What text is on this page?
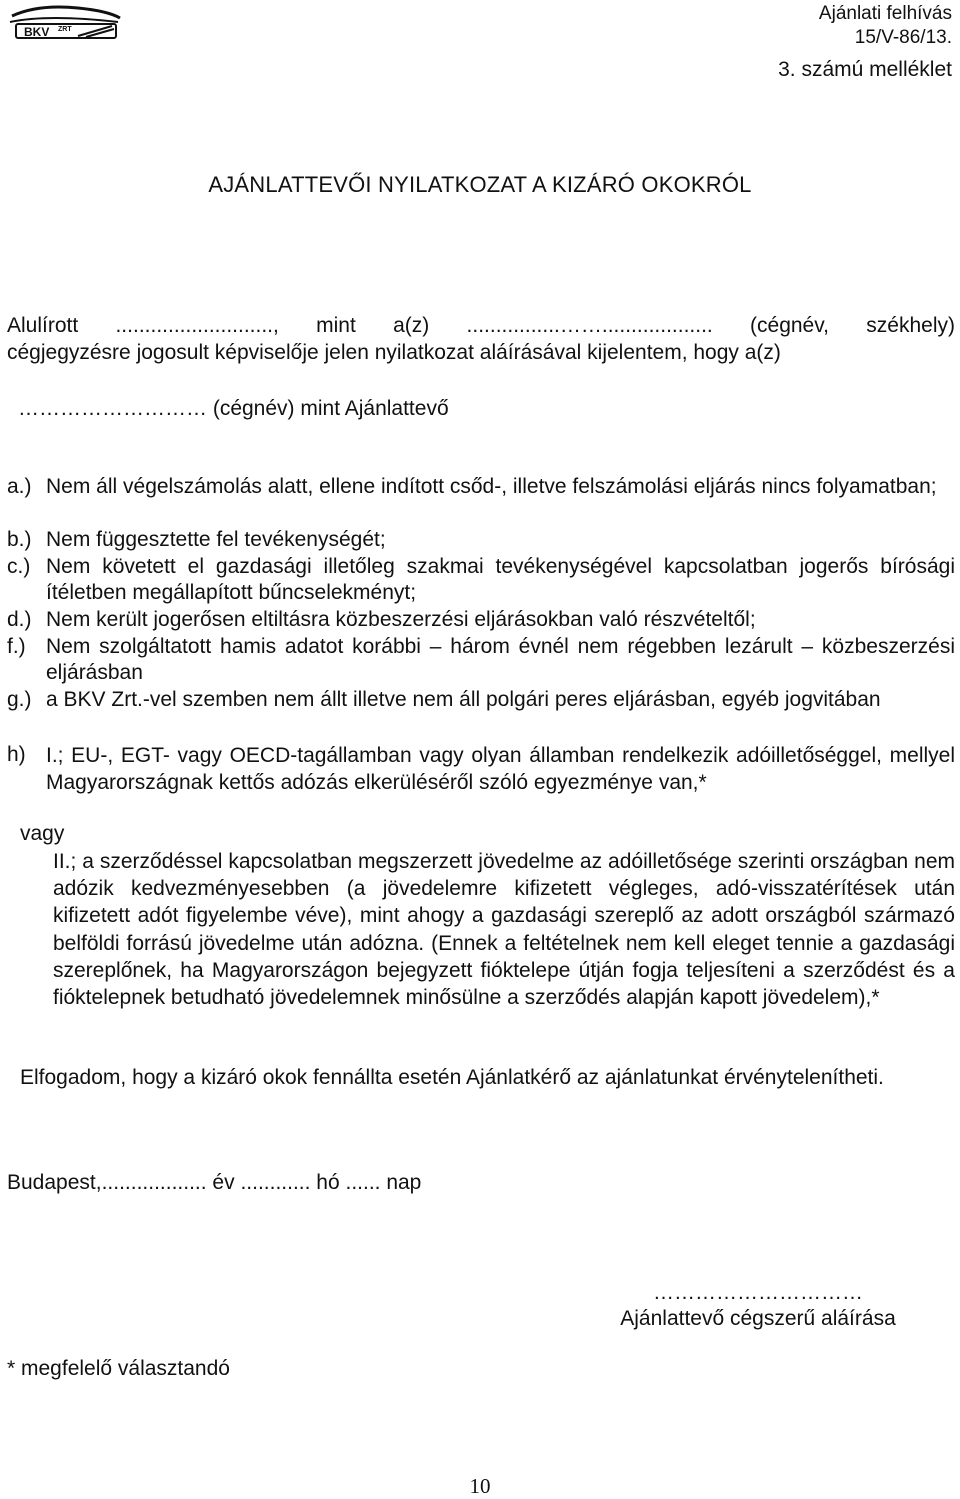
BKV ZRT
Ajánlati felhívás
15/V-86/13.
3. számú melléklet
AJÁNLATTEVŐI NYILATKOZAT A KIZÁRÓ OKOKRÓL
Alulírott ..........................., mint a(z) ................……................... (cégnév, székhely)
cégjegyzésre jogosult képviselője jelen nyilatkozat aláírásával kijelentem, hogy a(z)
……………………… (cégnév) mint Ajánlattevő
a.) Nem áll végelszámolás alatt, ellene indított csőd-, illetve felszámolási eljárás nincs folyamatban;
b.) Nem függesztette fel tevékenységét;
c.) Nem követett el gazdasági illetőleg szakmai tevékenységével kapcsolatban jogerős bírósági ítéletben megállapított bűncselekményt;
d.) Nem került jogerősen eltiltásra közbeszerzési eljárásokban való részvételtől;
f.) Nem szolgáltatott hamis adatot korábbi – három évnél nem régebben lezárult – közbeszerzési eljárásban
g.) a BKV Zrt.-vel szemben nem állt illetve nem áll polgári peres eljárásban, egyéb jogvitában
h) I.; EU-, EGT- vagy OECD-tagállamban vagy olyan államban rendelkezik adóilletőséggel, mellyel Magyarországnak kettős adózás elkerüléséről szóló egyezménye van,*
vagy
II.; a szerződéssel kapcsolatban megszerzett jövedelme az adóilletősége szerinti országban nem adózik kedvezményesebben (a jövedelemre kifizetett végleges, adó-visszatérítések után kifizetett adót figyelembe véve), mint ahogy a gazdasági szereplő az adott országból származó belföldi forrású jövedelme után adózna. (Ennek a feltételnek nem kell eleget tennie a gazdasági szereplőnek, ha Magyarországon bejegyzett fióktelepe útján fogja teljesíteni a szerződést és a fióktelepnek betudható jövedelemnek minősülne a szerződés alapján kapott jövedelem),*
Elfogadom, hogy a kizáró okok fennállta esetén Ajánlatkérő az ajánlatunkat érvénytelenítheti.
Budapest,.................. év ............ hó ...... nap
…………………………
Ajánlattevő cégszerű aláírása
* megfelelő választandó
10
